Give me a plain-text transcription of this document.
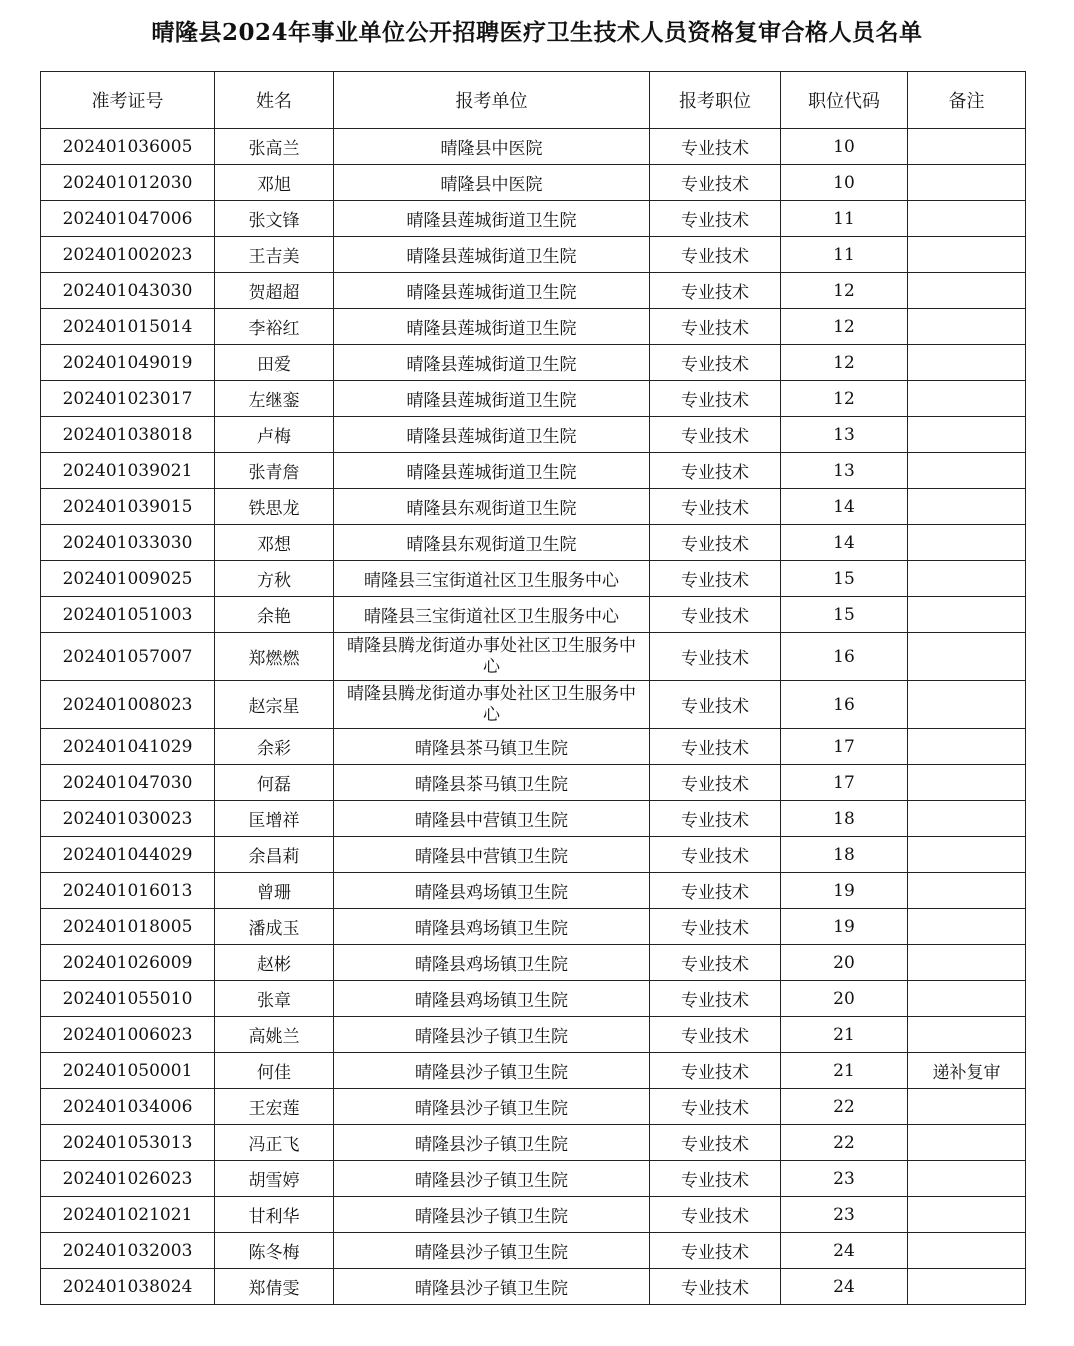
晴隆县2024年事业单位公开招聘医疗卫生技术人员资格复审合格人员名单
准考证号	姓名	报考单位	报考职位	职位代码	备注
202401036005	张高兰	晴隆县中医院	专业技术	10	
202401012030	邓旭	晴隆县中医院	专业技术	10	
202401047006	张文锋	晴隆县莲城街道卫生院	专业技术	11	
202401002023	王吉美	晴隆县莲城街道卫生院	专业技术	11	
202401043030	贺超超	晴隆县莲城街道卫生院	专业技术	12	
202401015014	李裕红	晴隆县莲城街道卫生院	专业技术	12	
202401049019	田爱	晴隆县莲城街道卫生院	专业技术	12	
202401023017	左继銮	晴隆县莲城街道卫生院	专业技术	12	
202401038018	卢梅	晴隆县莲城街道卫生院	专业技术	13	
202401039021	张青詹	晴隆县莲城街道卫生院	专业技术	13	
202401039015	铁思龙	晴隆县东观街道卫生院	专业技术	14	
202401033030	邓想	晴隆县东观街道卫生院	专业技术	14	
202401009025	方秋	晴隆县三宝街道社区卫生服务中心	专业技术	15	
202401051003	余艳	晴隆县三宝街道社区卫生服务中心	专业技术	15	
202401057007	郑燃燃	晴隆县腾龙街道办事处社区卫生服务中心	专业技术	16	
202401008023	赵宗星	晴隆县腾龙街道办事处社区卫生服务中心	专业技术	16	
202401041029	余彩	晴隆县茶马镇卫生院	专业技术	17	
202401047030	何磊	晴隆县茶马镇卫生院	专业技术	17	
202401030023	匡增祥	晴隆县中营镇卫生院	专业技术	18	
202401044029	余昌莉	晴隆县中营镇卫生院	专业技术	18	
202401016013	曾珊	晴隆县鸡场镇卫生院	专业技术	19	
202401018005	潘成玉	晴隆县鸡场镇卫生院	专业技术	19	
202401026009	赵彬	晴隆县鸡场镇卫生院	专业技术	20	
202401055010	张章	晴隆县鸡场镇卫生院	专业技术	20	
202401006023	高姚兰	晴隆县沙子镇卫生院	专业技术	21	
202401050001	何佳	晴隆县沙子镇卫生院	专业技术	21	递补复审
202401034006	王宏莲	晴隆县沙子镇卫生院	专业技术	22	
202401053013	冯正飞	晴隆县沙子镇卫生院	专业技术	22	
202401026023	胡雪婷	晴隆县沙子镇卫生院	专业技术	23	
202401021021	甘利华	晴隆县沙子镇卫生院	专业技术	23	
202401032003	陈冬梅	晴隆县沙子镇卫生院	专业技术	24	
202401038024	郑倩雯	晴隆县沙子镇卫生院	专业技术	24	
